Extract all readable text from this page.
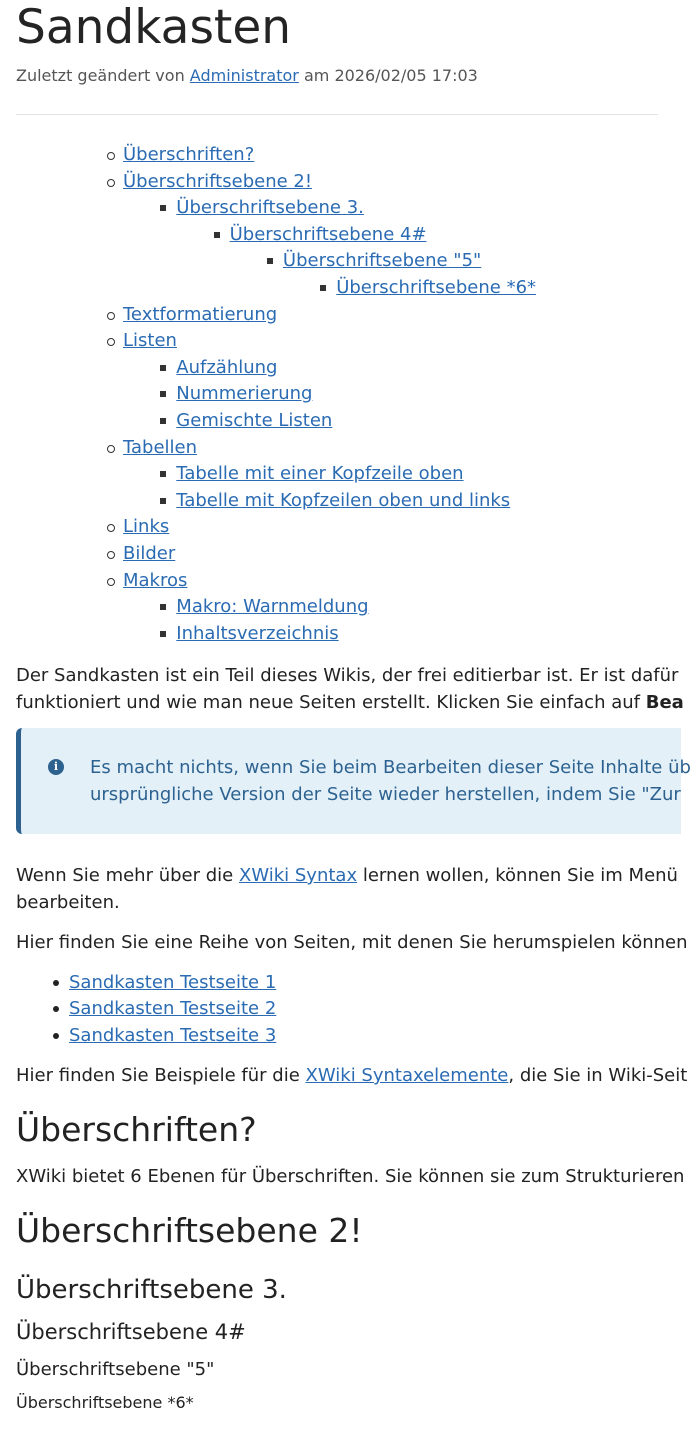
Sandkasten
Zuletzt geändert von Administrator am 2026/02/05 17:03
Überschriften?
Überschriftsebene 2!
Überschriftsebene 3.
Überschriftsebene 4#
Überschriftsebene "5"
Überschriftsebene *6*
Textformatierung
Listen
Aufzählung
Nummerierung
Gemischte Listen
Tabellen
Tabelle mit einer Kopfzeile oben
Tabelle mit Kopfzeilen oben und links
Links
Bilder
Makros
Makro: Warnmeldung
Inhaltsverzeichnis
Der Sandkasten ist ein Teil dieses Wikis, der frei editierbar ist. Er ist dafür
funktioniert und wie man neue Seiten erstellt. Klicken Sie einfach auf Bea
i	Es macht nichts, wenn Sie beim Bearbeiten dieser Seite Inhalte üb
ursprüngliche Version der Seite wieder herstellen, indem Sie "Zur
Wenn Sie mehr über die XWiki Syntax lernen wollen, können Sie im Menü
bearbeiten.
Hier finden Sie eine Reihe von Seiten, mit denen Sie herumspielen können
Sandkasten Testseite 1
Sandkasten Testseite 2
Sandkasten Testseite 3
Hier finden Sie Beispiele für die XWiki Syntaxelemente, die Sie in Wiki-Seit
Überschriften?
XWiki bietet 6 Ebenen für Überschriften. Sie können sie zum Strukturieren
Überschriftsebene 2!
Überschriftsebene 3.
Überschriftsebene 4#
Überschriftsebene "5"
Überschriftsebene *6*
